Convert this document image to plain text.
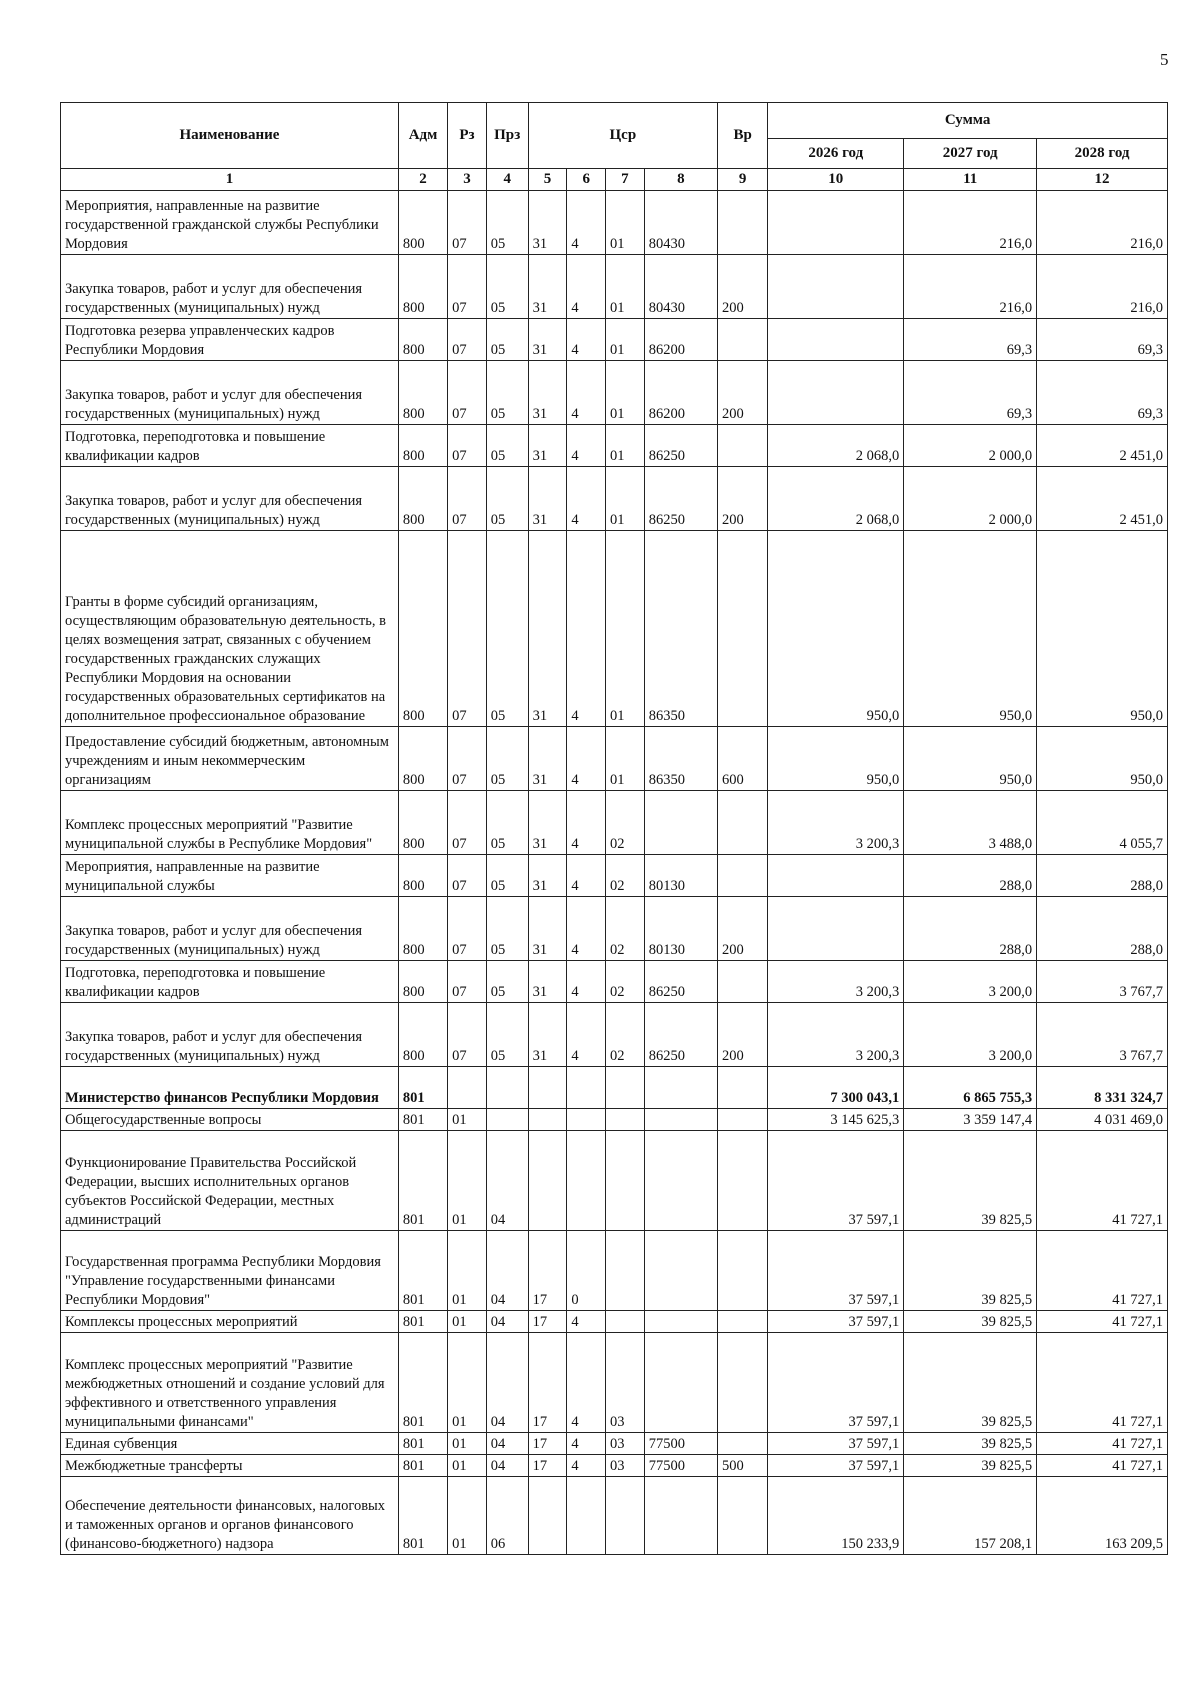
5
Наименование	Адм	Рз	Прз	Цср				Вр	Сумма		
									2026 год	2027 год	2028 год
1	2	3	4	5	6	7	8	9	10	11	12
Мероприятия, направленные на развитие государственной гражданской службы Республики Мордовия	800	07	05	31	4	01	80430			216,0	216,0
Закупка товаров, работ и услуг для обеспечения государственных (муниципальных) нужд	800	07	05	31	4	01	80430	200		216,0	216,0
Подготовка резерва управленческих кадров Республики Мордовия	800	07	05	31	4	01	86200			69,3	69,3
Закупка товаров, работ и услуг для обеспечения государственных (муниципальных) нужд	800	07	05	31	4	01	86200	200		69,3	69,3
Подготовка, переподготовка и повышение квалификации кадров	800	07	05	31	4	01	86250		2 068,0	2 000,0	2 451,0
Закупка товаров, работ и услуг для обеспечения государственных (муниципальных) нужд	800	07	05	31	4	01	86250	200	2 068,0	2 000,0	2 451,0
Гранты в форме субсидий организациям, осуществляющим образовательную деятельность, в целях возмещения затрат, связанных с обучением государственных гражданских служащих Республики Мордовия на основании государственных образовательных сертификатов на дополнительное профессиональное образование	800	07	05	31	4	01	86350		950,0	950,0	950,0
Предоставление субсидий бюджетным, автономным учреждениям и иным некоммерческим организациям	800	07	05	31	4	01	86350	600	950,0	950,0	950,0
Комплекс процессных мероприятий "Развитие муниципальной службы в Республике Мордовия"	800	07	05	31	4	02			3 200,3	3 488,0	4 055,7
Мероприятия, направленные на развитие муниципальной службы	800	07	05	31	4	02	80130			288,0	288,0
Закупка товаров, работ и услуг для обеспечения государственных (муниципальных) нужд	800	07	05	31	4	02	80130	200		288,0	288,0
Подготовка, переподготовка и повышение квалификации кадров	800	07	05	31	4	02	86250		3 200,3	3 200,0	3 767,7
Закупка товаров, работ и услуг для обеспечения государственных (муниципальных) нужд	800	07	05	31	4	02	86250	200	3 200,3	3 200,0	3 767,7
Министерство финансов Республики Мордовия	801								7 300 043,1	6 865 755,3	8 331 324,7
Общегосударственные вопросы	801	01							3 145 625,3	3 359 147,4	4 031 469,0
Функционирование Правительства Российской Федерации, высших исполнительных органов субъектов Российской Федерации, местных администраций	801	01	04						37 597,1	39 825,5	41 727,1
Государственная программа Республики Мордовия "Управление государственными финансами Республики Мордовия"	801	01	04	17	0				37 597,1	39 825,5	41 727,1
Комплексы процессных мероприятий	801	01	04	17	4				37 597,1	39 825,5	41 727,1
Комплекс процессных мероприятий "Развитие межбюджетных отношений и создание условий для эффективного и ответственного управления муниципальными финансами"	801	01	04	17	4	03			37 597,1	39 825,5	41 727,1
Единая субвенция	801	01	04	17	4	03	77500		37 597,1	39 825,5	41 727,1
Межбюджетные трансферты	801	01	04	17	4	03	77500	500	37 597,1	39 825,5	41 727,1
Обеспечение деятельности финансовых, налоговых и таможенных органов и органов финансового (финансово-бюджетного) надзора	801	01	06						150 233,9	157 208,1	163 209,5
